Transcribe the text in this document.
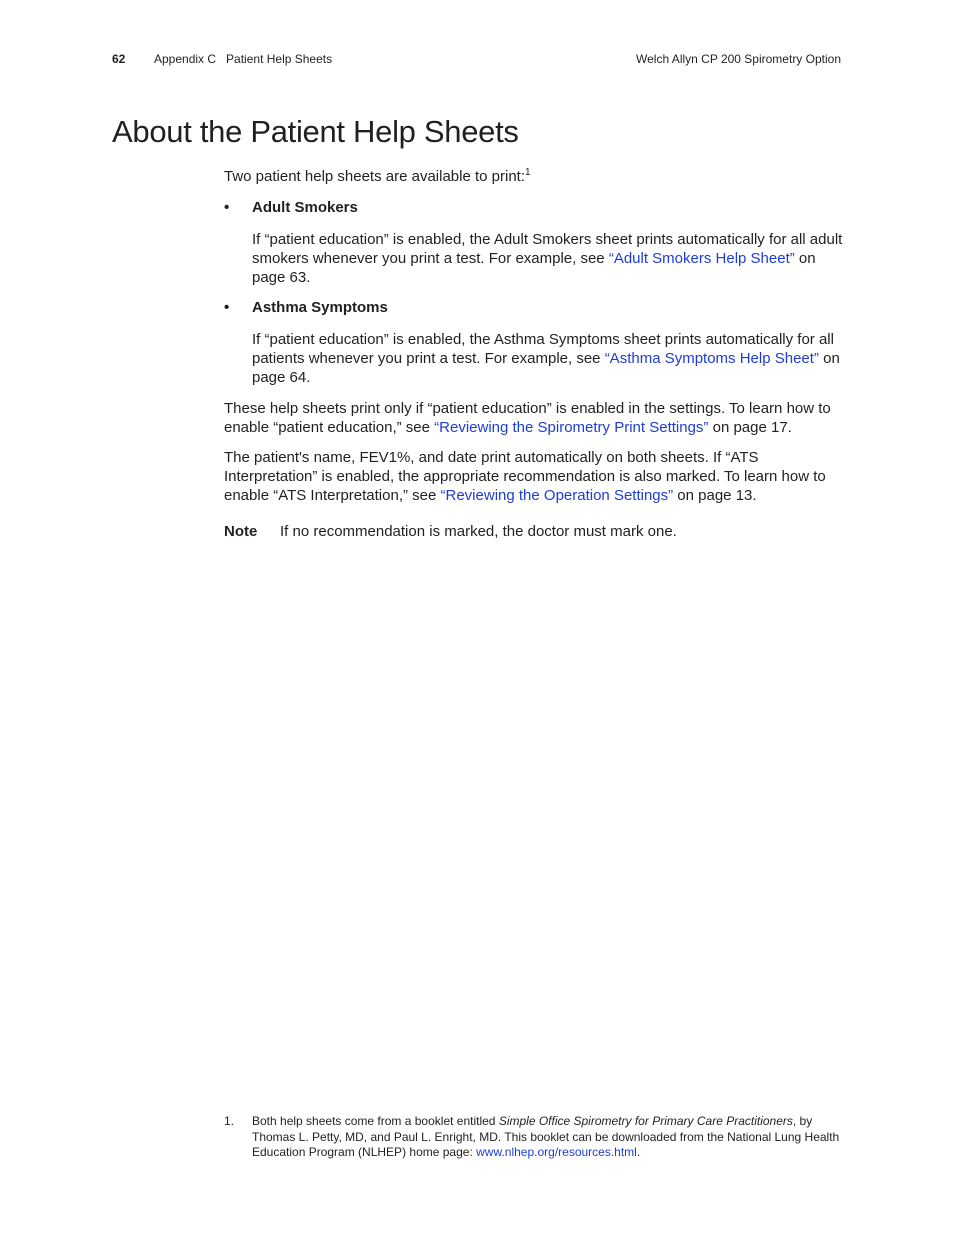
62 Appendix C   Patient Help Sheets	Welch Allyn CP 200 Spirometry Option
About the Patient Help Sheets
Two patient help sheets are available to print:$^1$
• Adult Smokers
If “patient education” is enabled, the Adult Smokers sheet prints automatically for all adult smokers whenever you print a test. For example, see “Adult Smokers Help Sheet” on page 63.
• Asthma Symptoms
If “patient education” is enabled, the Asthma Symptoms sheet prints automatically for all patients whenever you print a test. For example, see “Asthma Symptoms Help Sheet” on page 64.
These help sheets print only if “patient education” is enabled in the settings. To learn how to enable “patient education,” see “Reviewing the Spirometry Print Settings” on page 17.
The patient's name, FEV1%, and date print automatically on both sheets. If “ATS Interpretation” is enabled, the appropriate recommendation is also marked. To learn how to enable “ATS Interpretation,” see “Reviewing the Operation Settings” on page 13.
Note If no recommendation is marked, the doctor must mark one.
1. Both help sheets come from a booklet entitled Simple Office Spirometry for Primary Care Practitioners, by Thomas L. Petty, MD, and Paul L. Enright, MD. This booklet can be downloaded from the National Lung Health Education Program (NLHEP) home page: www.nlhep.org/resources.html.
